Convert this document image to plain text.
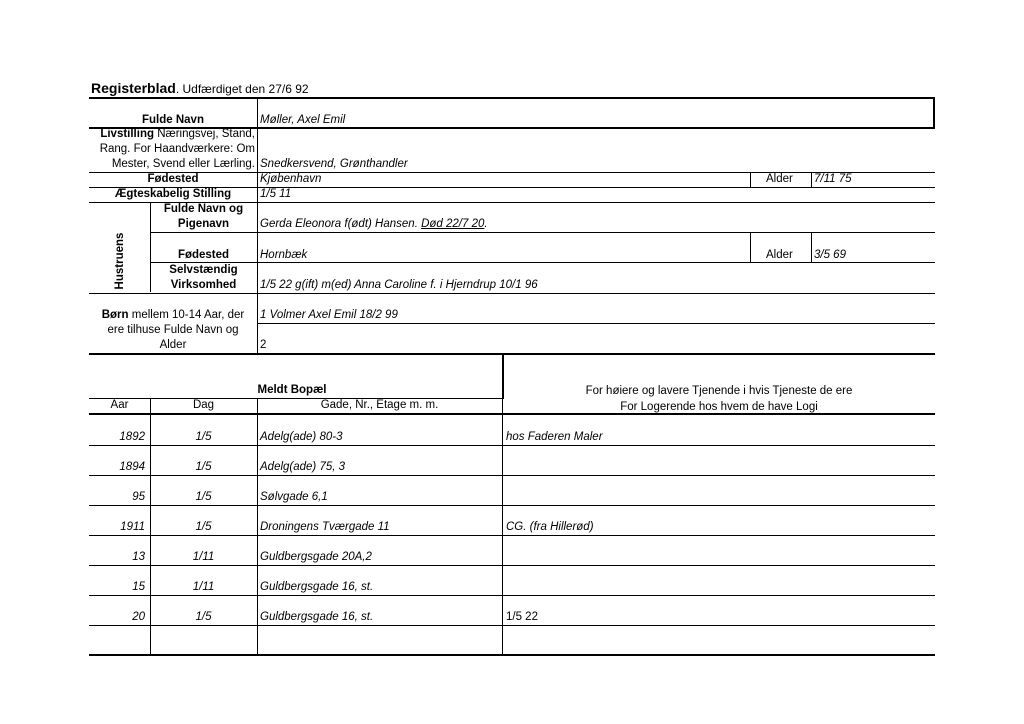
Registerblad. Udfærdiget den 27/6 92
Fulde Navn	Møller, Axel Emil
Livstilling Næringsvej, Stand,
Rang. For Haandværkere: Om
Mester, Svend eller Lærling. Snedkersvend, Grønthandler
Fødested	Kjøbenhavn	Alder 7/11 75
Ægteskabelig Stilling	1/5 11
Hustruens
Fulde Navn og
Pigenavn	Gerda Eleonora f(ødt) Hansen. Død 22/7 20.
Fødested	Hornbæk	Alder 3/5 69
Selvstændig
Virksomhed	1/5 22 g(ift) m(ed) Anna Caroline f. i Hjerndrup 10/1 96
Børn mellem 10-14 Aar, der
ere tilhuse Fulde Navn og
Alder
1 Volmer Axel Emil 18/2 99
2
Meldt Bopæl	For høiere og lavere Tjenende i hvis Tjeneste de ere
Aar	Dag	Gade, Nr., Etage m. m.	For Logerende hos hvem de have Logi
1892	1/5	Adelg(ade) 80-3	hos Faderen Maler
1894	1/5	Adelg(ade) 75, 3
95	1/5	Sølvgade 6,1
1911	1/5	Droningens Tværgade 11	CG. (fra Hillerød)
13	1/11	Guldbergsgade 20A,2
15	1/11	Guldbergsgade 16, st.
20	1/5	Guldbergsgade 16, st.	1/5 22
